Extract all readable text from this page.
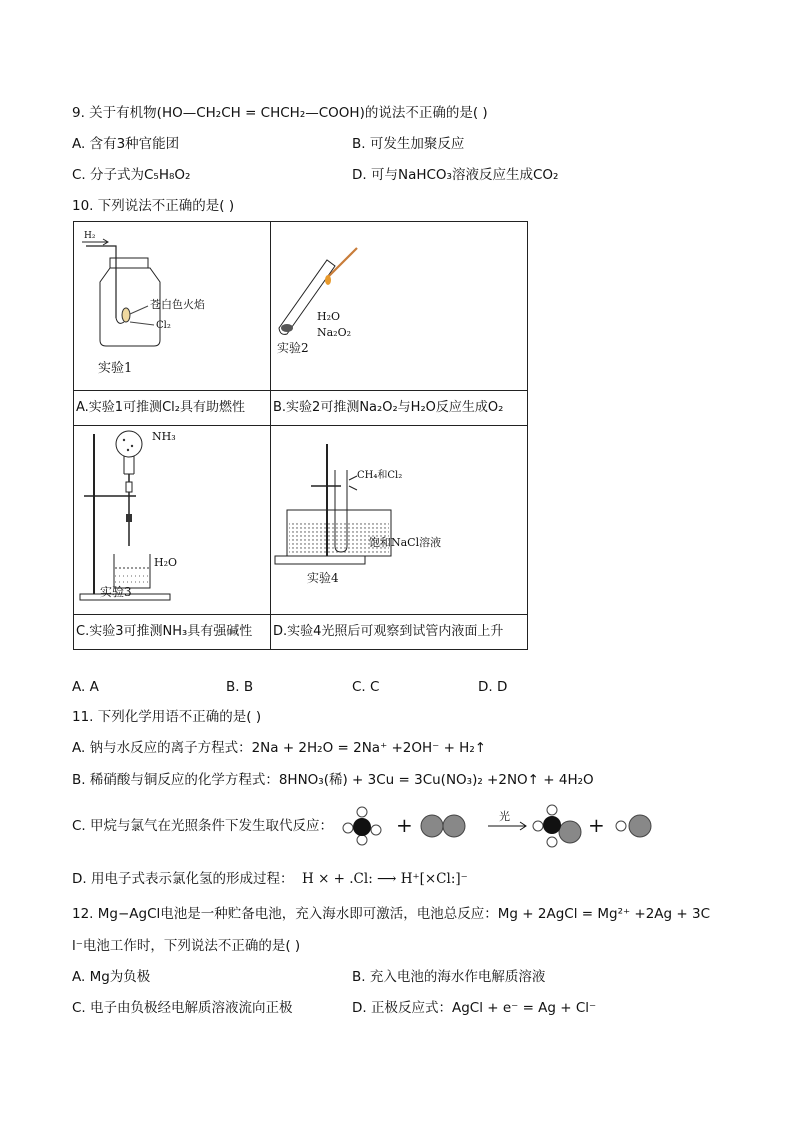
9. 关于有机物(HO—CH₂CH = CHCH₂—COOH)的说法不正确的是( )
A. 含有3种官能团	B. 可发生加聚反应
C. 分子式为C₅H₈O₂	D. 可与NaHCO₃溶液反应生成CO₂
10. 下列说法不正确的是( )
实验1
H₂
苍白色火焰
Cl₂	H₂O
Na₂O₂
实验2

A.实验1可推测Cl₂具有助燃性	B.实验2可推测Na₂O₂与H₂O反应生成O₂

NH₃
H₂O
实验3	CH₄和Cl₂
饱和NaCl溶液
实验4

C.实验3可推测NH₃具有强碱性	D.实验4光照后可观察到试管内液面上升
A. A	B. B	C. C	D. D
11. 下列化学用语不正确的是( )
A. 钠与水反应的离子方程式：2Na + 2H₂O = 2Na⁺ +2OH⁻ + H₂↑
B. 稀硝酸与铜反应的化学方程式：8HNO₃(稀) + 3Cu = 3Cu(NO₃)₂ +2NO↑ + 4H₂O
C. 甲烷与氯气在光照条件下发生取代反应：	+	光	+
D. 用电子式表示氯化氢的形成过程： H × + .Cl: ⟶ H⁺[×Cl:]⁻
12. Mg−AgCl电池是一种贮备电池，充入海水即可激活，电池总反应：Mg + 2AgCl = Mg²⁺ +2Ag + 3C
l⁻电池工作时，下列说法不正确的是( )
A. Mg为负极	B. 充入电池的海水作电解质溶液
C. 电子由负极经电解质溶液流向正极	D. 正极反应式：AgCl + e⁻ = Ag + Cl⁻
